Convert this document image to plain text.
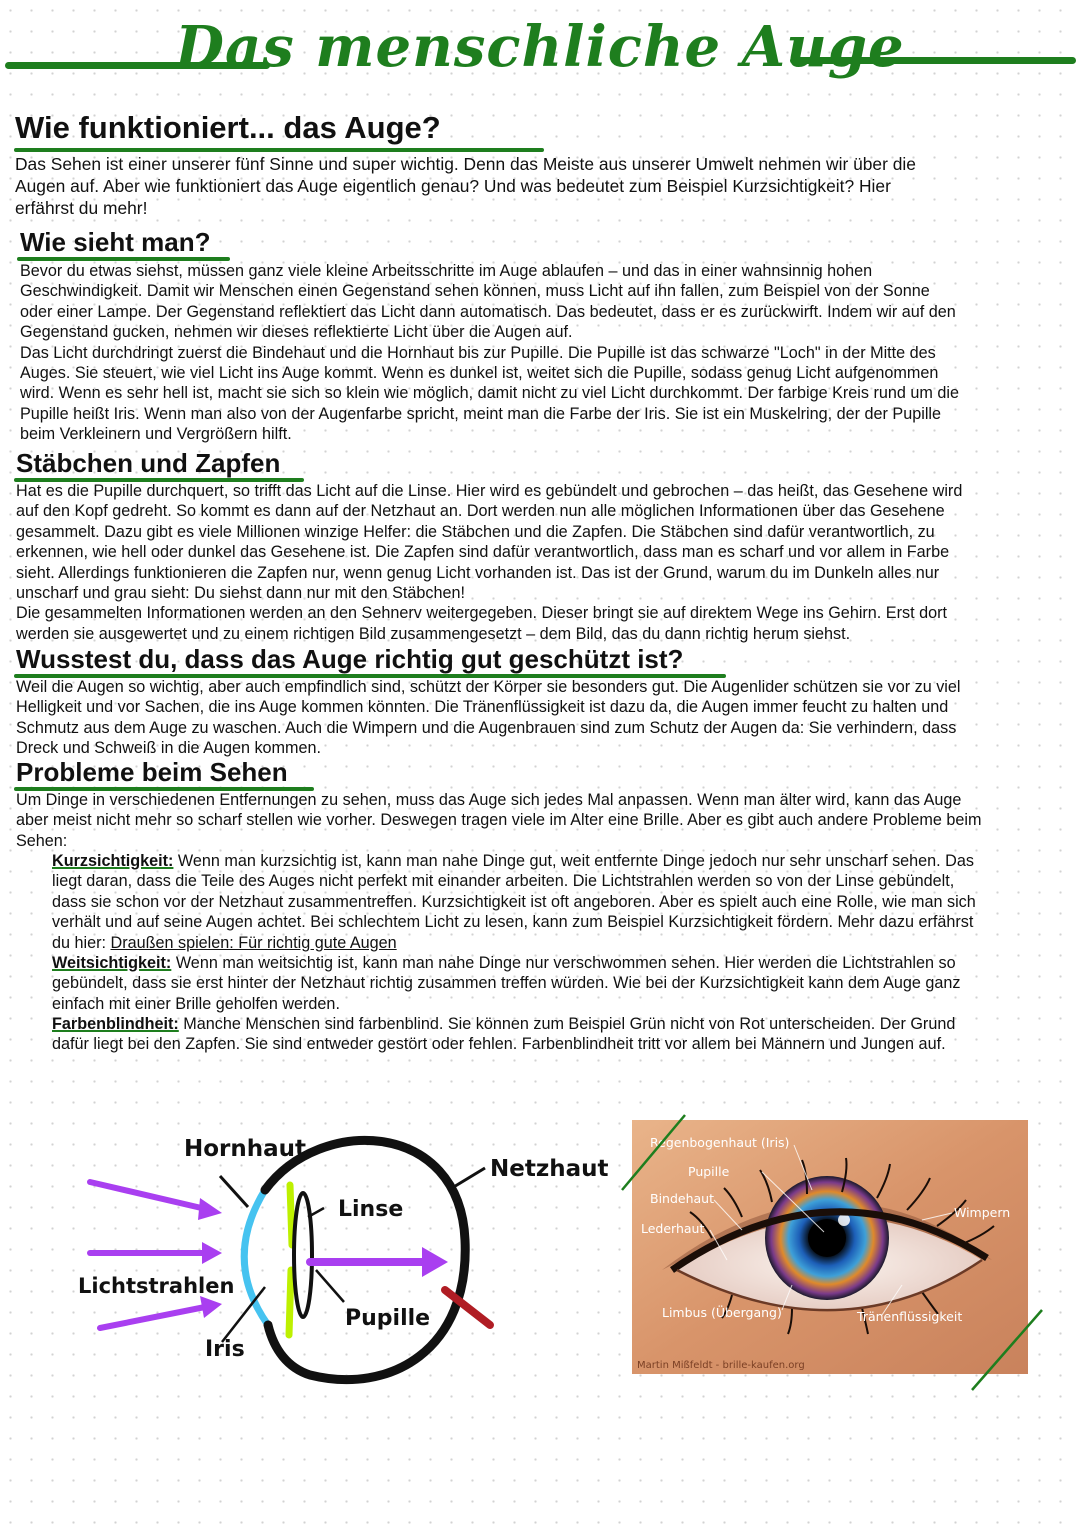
Das menschliche Auge
Wie funktioniert... das Auge?
Das Sehen ist einer unserer fünf Sinne und super wichtig. Denn das Meiste aus unserer Umwelt nehmen wir über die
Augen auf. Aber wie funktioniert das Auge eigentlich genau? Und was bedeutet zum Beispiel Kurzsichtigkeit? Hier
erfährst du mehr!
Wie sieht man?
Bevor du etwas siehst, müssen ganz viele kleine Arbeitsschritte im Auge ablaufen – und das in einer wahnsinnig hohen
Geschwindigkeit. Damit wir Menschen einen Gegenstand sehen können, muss Licht auf ihn fallen, zum Beispiel von der Sonne
oder einer Lampe. Der Gegenstand reflektiert das Licht dann automatisch. Das bedeutet, dass er es zurückwirft. Indem wir auf den
Gegenstand gucken, nehmen wir dieses reflektierte Licht über die Augen auf.
Das Licht durchdringt zuerst die Bindehaut und die Hornhaut bis zur Pupille. Die Pupille ist das schwarze "Loch" in der Mitte des
Auges. Sie steuert, wie viel Licht ins Auge kommt. Wenn es dunkel ist, weitet sich die Pupille, sodass genug Licht aufgenommen
wird. Wenn es sehr hell ist, macht sie sich so klein wie möglich, damit nicht zu viel Licht durchkommt. Der farbige Kreis rund um die
Pupille heißt Iris. Wenn man also von der Augenfarbe spricht, meint man die Farbe der Iris. Sie ist ein Muskelring, der der Pupille
beim Verkleinern und Vergrößern hilft.
Stäbchen und Zapfen
Hat es die Pupille durchquert, so trifft das Licht auf die Linse. Hier wird es gebündelt und gebrochen – das heißt, das Gesehene wird
auf den Kopf gedreht. So kommt es dann auf der Netzhaut an. Dort werden nun alle möglichen Informationen über das Gesehene
gesammelt. Dazu gibt es viele Millionen winzige Helfer: die Stäbchen und die Zapfen. Die Stäbchen sind dafür verantwortlich, zu
erkennen, wie hell oder dunkel das Gesehene ist. Die Zapfen sind dafür verantwortlich, dass man es scharf und vor allem in Farbe
sieht. Allerdings funktionieren die Zapfen nur, wenn genug Licht vorhanden ist. Das ist der Grund, warum du im Dunkeln alles nur
unscharf und grau sieht: Du siehst dann nur mit den Stäbchen!
Die gesammelten Informationen werden an den Sehnerv weitergegeben. Dieser bringt sie auf direktem Wege ins Gehirn. Erst dort
werden sie ausgewertet und zu einem richtigen Bild zusammengesetzt – dem Bild, das du dann richtig herum siehst.
Wusstest du, dass das Auge richtig gut geschützt ist?
Weil die Augen so wichtig, aber auch empfindlich sind, schützt der Körper sie besonders gut. Die Augenlider schützen sie vor zu viel
Helligkeit und vor Sachen, die ins Auge kommen könnten. Die Tränenflüssigkeit ist dazu da, die Augen immer feucht zu halten und
Schmutz aus dem Auge zu waschen. Auch die Wimpern und die Augenbrauen sind zum Schutz der Augen da: Sie verhindern, dass
Dreck und Schweiß in die Augen kommen.
Probleme beim Sehen
Um Dinge in verschiedenen Entfernungen zu sehen, muss das Auge sich jedes Mal anpassen. Wenn man älter wird, kann das Auge
aber meist nicht mehr so scharf stellen wie vorher. Deswegen tragen viele im Alter eine Brille. Aber es gibt auch andere Probleme beim
Sehen:
Kurzsichtigkeit: Wenn man kurzsichtig ist, kann man nahe Dinge gut, weit entfernte Dinge jedoch nur sehr unscharf sehen. Das
liegt daran, dass die Teile des Auges nicht perfekt mit einander arbeiten. Die Lichtstrahlen werden so von der Linse gebündelt,
dass sie schon vor der Netzhaut zusammentreffen. Kurzsichtigkeit ist oft angeboren. Aber es spielt auch eine Rolle, wie man sich
verhält und auf seine Augen achtet. Bei schlechtem Licht zu lesen, kann zum Beispiel Kurzsichtigkeit fördern. Mehr dazu erfährst
du hier: Draußen spielen: Für richtig gute Augen
Weitsichtigkeit: Wenn man weitsichtig ist, kann man nahe Dinge nur verschwommen sehen. Hier werden die Lichtstrahlen so
gebündelt, dass sie erst hinter der Netzhaut richtig zusammen treffen würden. Wie bei der Kurzsichtigkeit kann dem Auge ganz
einfach mit einer Brille geholfen werden.
Farbenblindheit: Manche Menschen sind farbenblind. Sie können zum Beispiel Grün nicht von Rot unterscheiden. Der Grund
dafür liegt bei den Zapfen. Sie sind entweder gestört oder fehlen. Farbenblindheit tritt vor allem bei Männern und Jungen auf.
Hornhaut
Netzhaut
Linse
Lichtstrahlen
Pupille
Iris
Regenbogenhaut (Iris)
Pupille
Bindehaut
Lederhaut
Wimpern
Limbus (Übergang)	Tränenflüssigkeit
Martin Mißfeldt - brille-kaufen.org
